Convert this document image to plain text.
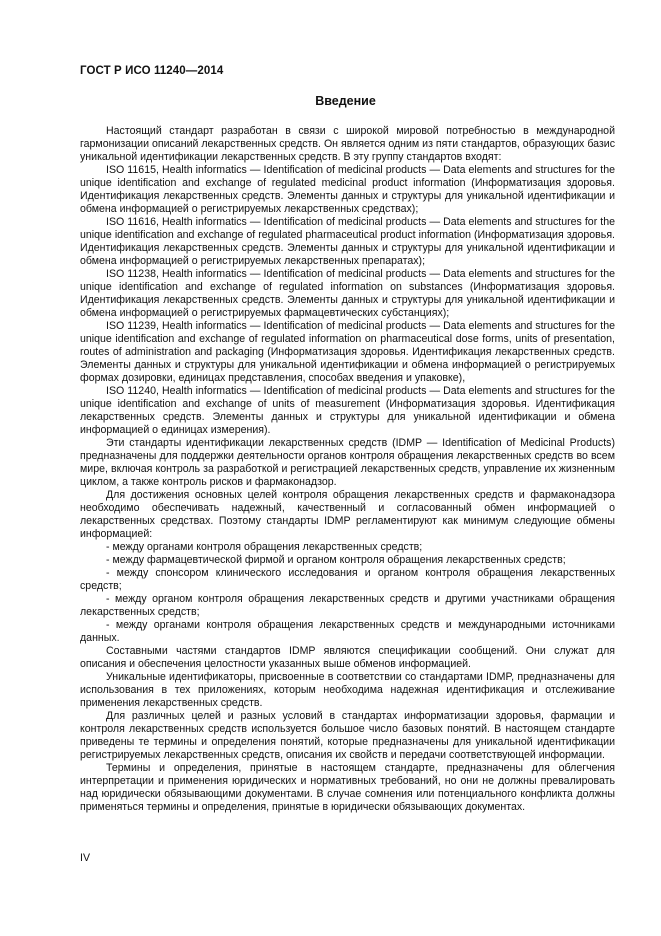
ГОСТ Р ИСО 11240—2014
Введение

Настоящий стандарт разработан в связи с широкой мировой потребностью в международной гармонизации описаний лекарственных средств. Он является одним из пяти стандартов, образующих базис уникальной идентификации лекарственных средств. В эту группу стандартов входят:

ISO 11615, Health informatics — Identification of medicinal products — Data elements and structures for the unique identification and exchange of regulated medicinal product information (Информатизация здоровья. Идентификация лекарственных средств. Элементы данных и структуры для уникальной идентификации и обмена информацией о регистрируемых лекарственных средствах);

ISO 11616, Health informatics — Identification of medicinal products — Data elements and structures for the unique identification and exchange of regulated pharmaceutical product information (Информатизация здоровья. Идентификация лекарственных средств. Элементы данных и структуры для уникальной идентификации и обмена информацией о регистрируемых лекарственных препаратах);

ISO 11238, Health informatics — Identification of medicinal products — Data elements and structures for the unique identification and exchange of regulated information on substances (Информатизация здоровья. Идентификация лекарственных средств. Элементы данных и структуры для уникальной идентификации и обмена информацией о регистрируемых фармацевтических субстанциях);

ISO 11239, Health informatics — Identification of medicinal products — Data elements and structures for the unique identification and exchange of regulated information on pharmaceutical dose forms, units of presentation, routes of administration and packaging (Информатизация здоровья. Идентификация лекарственных средств. Элементы данных и структуры для уникальной идентификации и обмена информацией о регистрируемых формах дозировки, единицах представления, способах введения и упаковке),

ISO 11240, Health informatics — Identification of medicinal products — Data elements and structures for the unique identification and exchange of units of measurement (Информатизация здоровья. Идентификация лекарственных средств. Элементы данных и структуры для уникальной идентификации и обмена информацией о единицах измерения).

Эти стандарты идентификации лекарственных средств (IDMP — Identification of Medicinal Products) предназначены для поддержки деятельности органов контроля обращения лекарственных средств во всем мире, включая контроль за разработкой и регистрацией лекарственных средств, управление их жизненным циклом, а также контроль рисков и фармаконадзор.

Для достижения основных целей контроля обращения лекарственных средств и фармаконадзора необходимо обеспечивать надежный, качественный и согласованный обмен информацией о лекарственных средствах. Поэтому стандарты IDMP регламентируют как минимум следующие обмены информацией:

- между органами контроля обращения лекарственных средств;

- между фармацевтической фирмой и органом контроля обращения лекарственных средств;

- между спонсором клинического исследования и органом контроля обращения лекарственных средств;

- между органом контроля обращения лекарственных средств и другими участниками обращения лекарственных средств;

- между органами контроля обращения лекарственных средств и международными источниками данных.

Составными частями стандартов IDMP являются спецификации сообщений. Они служат для описания и обеспечения целостности указанных выше обменов информацией.

Уникальные идентификаторы, присвоенные в соответствии со стандартами IDMP, предназначены для использования в тех приложениях, которым необходима надежная идентификация и отслеживание применения лекарственных средств.

Для различных целей и разных условий в стандартах информатизации здоровья, фармации и контроля лекарственных средств используется большое число базовых понятий. В настоящем стандарте приведены те термины и определения понятий, которые предназначены для уникальной идентификации регистрируемых лекарственных средств, описания их свойств и передачи соответствующей информации.

Термины и определения, принятые в настоящем стандарте, предназначены для облегчения интерпретации и применения юридических и нормативных требований, но они не должны превалировать над юридически обязывающими документами. В случае сомнения или потенциального конфликта должны применяться термины и определения, принятые в юридически обязывающих документах.

IV
